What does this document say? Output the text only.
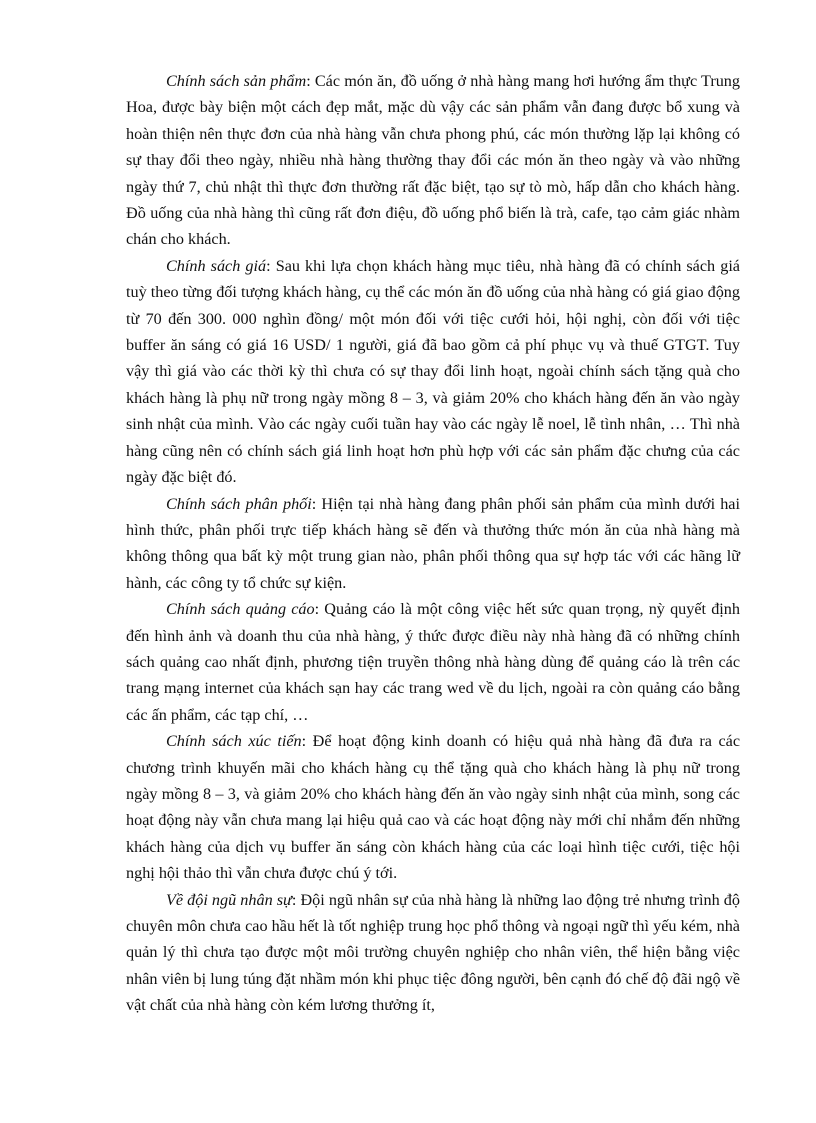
Chính sách sản phẩm: Các món ăn, đồ uống ở nhà hàng mang hơi hướng ẩm thực Trung Hoa, được bày biện một cách đẹp mắt, mặc dù vậy các sản phẩm vẫn đang được bổ xung và hoàn thiện nên thực đơn của nhà hàng vẫn chưa phong phú, các món thường lặp lại không có sự thay đổi theo ngày, nhiều nhà hàng thường thay đổi các món ăn theo ngày và vào những ngày thứ 7, chủ nhật thì thực đơn thường rất đặc biệt, tạo sự tò mò, hấp dẫn cho khách hàng. Đồ uống của nhà hàng thì cũng rất đơn điệu, đồ uống phổ biến là trà, cafe, tạo cảm giác nhàm chán cho khách.

Chính sách giá: Sau khi lựa chọn khách hàng mục tiêu, nhà hàng đã có chính sách giá tuỳ theo từng đối tượng khách hàng, cụ thể các món ăn đồ uống của nhà hàng có giá giao động từ 70 đến 300. 000 nghìn đồng/ một món đối với tiệc cưới hỏi, hội nghị, còn đối với tiệc buffer ăn sáng có giá 16 USD/ 1 người, giá đã bao gồm cả phí phục vụ và thuế GTGT. Tuy vậy thì giá vào các thời kỳ thì chưa có sự thay đổi linh hoạt, ngoài chính sách tặng quà cho khách hàng là phụ nữ trong ngày mồng 8 – 3, và giảm 20% cho khách hàng đến ăn vào ngày sinh nhật của mình. Vào các ngày cuối tuần hay vào các ngày lễ noel, lễ tình nhân, … Thì nhà hàng cũng nên có chính sách giá linh hoạt hơn phù hợp với các sản phẩm đặc chưng của các ngày đặc biệt đó.

Chính sách phân phối: Hiện tại nhà hàng đang phân phối sản phẩm của mình dưới hai hình thức, phân phối trực tiếp khách hàng sẽ đến và thưởng thức món ăn của nhà hàng mà không thông qua bất kỳ một trung gian nào, phân phối thông qua sự hợp tác với các hãng lữ hành, các công ty tổ chức sự kiện.

Chính sách quảng cáo: Quảng cáo là một công việc hết sức quan trọng, nỳ quyết định đến hình ảnh và doanh thu của nhà hàng, ý thức được điều này nhà hàng đã có những chính sách quảng cao nhất định, phương tiện truyền thông nhà hàng dùng để quảng cáo là trên các trang mạng internet của khách sạn hay các trang wed về du lịch, ngoài ra còn quảng cáo bằng các ấn phẩm, các tạp chí, …

Chính sách xúc tiến: Để hoạt động kinh doanh có hiệu quả nhà hàng đã đưa ra các chương trình khuyến mãi cho khách hàng cụ thể tặng quà cho khách hàng là phụ nữ trong ngày mồng 8 – 3, và giảm 20% cho khách hàng đến ăn vào ngày sinh nhật của mình, song các hoạt động này vẫn chưa mang lại hiệu quả cao và các hoạt động này mới chỉ nhắm đến những khách hàng của dịch vụ buffer ăn sáng còn khách hàng của các loại hình tiệc cưới, tiệc hội nghị hội thảo thì vẫn chưa được chú ý tới.

Về đội ngũ nhân sự: Đội ngũ nhân sự của nhà hàng là những lao động trẻ nhưng trình độ chuyên môn chưa cao hầu hết là tốt nghiệp trung học phổ thông và ngoại ngữ thì yếu kém, nhà quản lý thì chưa tạo được một môi trường chuyên nghiệp cho nhân viên, thể hiện bằng việc nhân viên bị lung túng đặt nhầm món khi phục tiệc đông người, bên cạnh đó chế độ đãi ngộ về vật chất của nhà hàng còn kém lương thưởng ít,
